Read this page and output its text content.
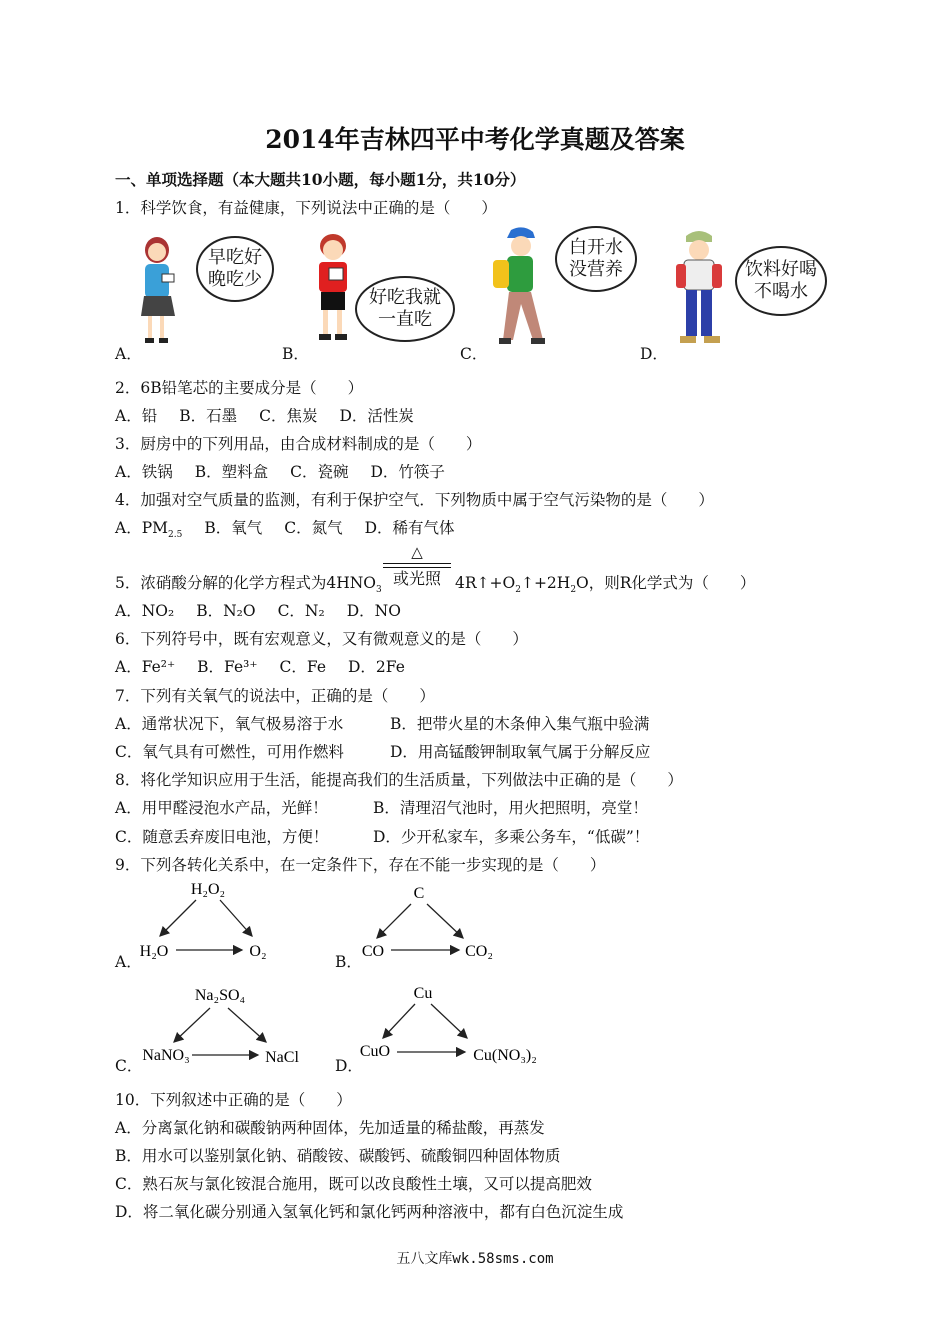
2014年吉林四平中考化学真题及答案
一、单项选择题（本大题共10小题，每小题1分，共10分）
1．科学饮食，有益健康，下列说法中正确的是（　　）
早吃好
晚吃少
好吃我就
一直吃
白开水
没营养	饮料好喝
不喝水
A．	B．	C．	D．
2．6B铅笔芯的主要成分是（　　）
A．铅 B．石墨 C．焦炭 D．活性炭
3．厨房中的下列用品，由合成材料制成的是（　　）
A．铁锅 B．塑料盒 C．瓷碗 D．竹筷子
4．加强对空气质量的监测，有利于保护空气．下列物质中属于空气污染物的是（　　）
A．$PM_{2.5}$ B．氧气 C．氮气 D．稀有气体
5．浓硝酸分解的化学方程式为$4HNO_3$
△
或光照 $4R↑+O_2↑+2H_2O$，则R化学式为（　　）
A．NO₂ B．N₂O C．N₂ D．NO
6．下列符号中，既有宏观意义，又有微观意义的是（　　）
A．Fe²⁺ B．Fe³⁺ C．Fe D．2Fe
7．下列有关氧气的说法中，正确的是（　　）
A．通常状况下，氧气极易溶于水	B．把带火星的木条伸入集气瓶中验满
C．氧气具有可燃性，可用作燃料	D．用高锰酸钾制取氧气属于分解反应
8．将化学知识应用于生活，能提高我们的生活质量，下列做法中正确的是（　　）
A．用甲醛浸泡水产品，光鲜！	B．清理沼气池时，用火把照明，亮堂！
C．随意丢弃废旧电池，方便！	D．少开私家车，多乘公务车，“低碳”！
9．下列各转化关系中，在一定条件下，存在不能一步实现的是（　　）
H₂O₂
H₂O	O₂
A．
C
CO	CO₂
B．
Na₂SO₄
NaNO₃	NaCl
C．
Cu
CuO	Cu(NO₃)₂
D．
10．下列叙述中正确的是（　　）
A．分离氯化钠和碳酸钠两种固体，先加适量的稀盐酸，再蒸发
B．用水可以鉴别氯化钠、硝酸铵、碳酸钙、硫酸铜四种固体物质
C．熟石灰与氯化铵混合施用，既可以改良酸性土壤，又可以提高肥效
D．将二氧化碳分别通入氢氧化钙和氯化钙两种溶液中，都有白色沉淀生成
五八文库wk.58sms.com
